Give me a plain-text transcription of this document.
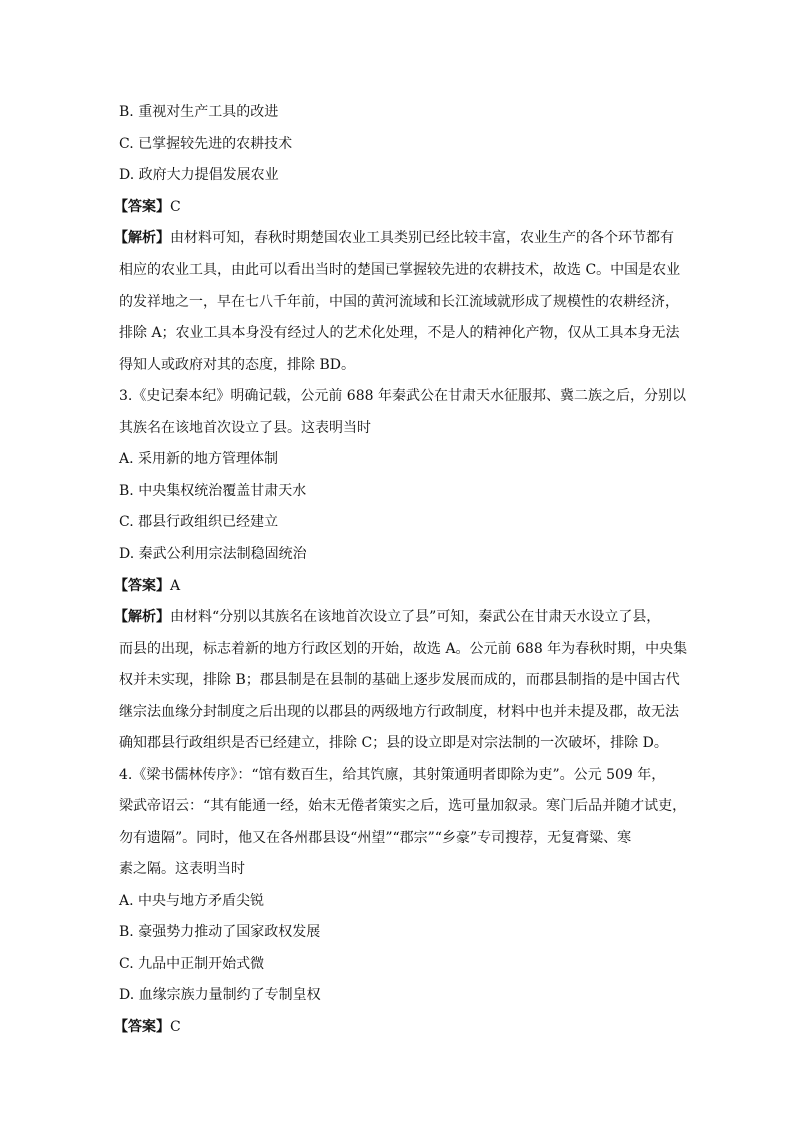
B. 重视对生产工具的改进
C. 已掌握较先进的农耕技术
D. 政府大力提倡发展农业
【答案】C
【解析】由材料可知，春秋时期楚国农业工具类别已经比较丰富，农业生产的各个环节都有
相应的农业工具，由此可以看出当时的楚国已掌握较先进的农耕技术，故选 C。中国是农业
的发祥地之一，早在七八千年前，中国的黄河流域和长江流域就形成了规模性的农耕经济，
排除 A；农业工具本身没有经过人的艺术化处理，不是人的精神化产物，仅从工具本身无法
得知人或政府对其的态度，排除 BD。
3.《史记秦本纪》明确记载，公元前 688 年秦武公在甘肃天水征服邦、冀二族之后，分别以
其族名在该地首次设立了县。这表明当时
A. 采用新的地方管理体制
B. 中央集权统治覆盖甘肃天水
C. 郡县行政组织已经建立
D. 秦武公利用宗法制稳固统治
【答案】A
【解析】由材料“分别以其族名在该地首次设立了县”可知，秦武公在甘肃天水设立了县，
而县的出现，标志着新的地方行政区划的开始，故选 A。公元前 688 年为春秋时期，中央集
权并未实现，排除 B；郡县制是在县制的基础上逐步发展而成的，而郡县制指的是中国古代
继宗法血缘分封制度之后出现的以郡县的两级地方行政制度，材料中也并未提及郡，故无法
确知郡县行政组织是否已经建立，排除 C；县的设立即是对宗法制的一次破坏，排除 D。
4.《梁书儒林传序》：“馆有数百生，给其饩廪，其射策通明者即除为吏”。公元 509 年，
梁武帝诏云：“其有能通一经，始末无倦者策实之后，选可量加叙录。寒门后品并随才试吏，
勿有遗隔”。同时，他又在各州郡县设“州望”“郡宗”“乡豪”专司搜荐，无复膏粱、寒
素之隔。这表明当时
A. 中央与地方矛盾尖锐
B. 豪强势力推动了国家政权发展
C. 九品中正制开始式微
D. 血缘宗族力量制约了专制皇权
【答案】C
